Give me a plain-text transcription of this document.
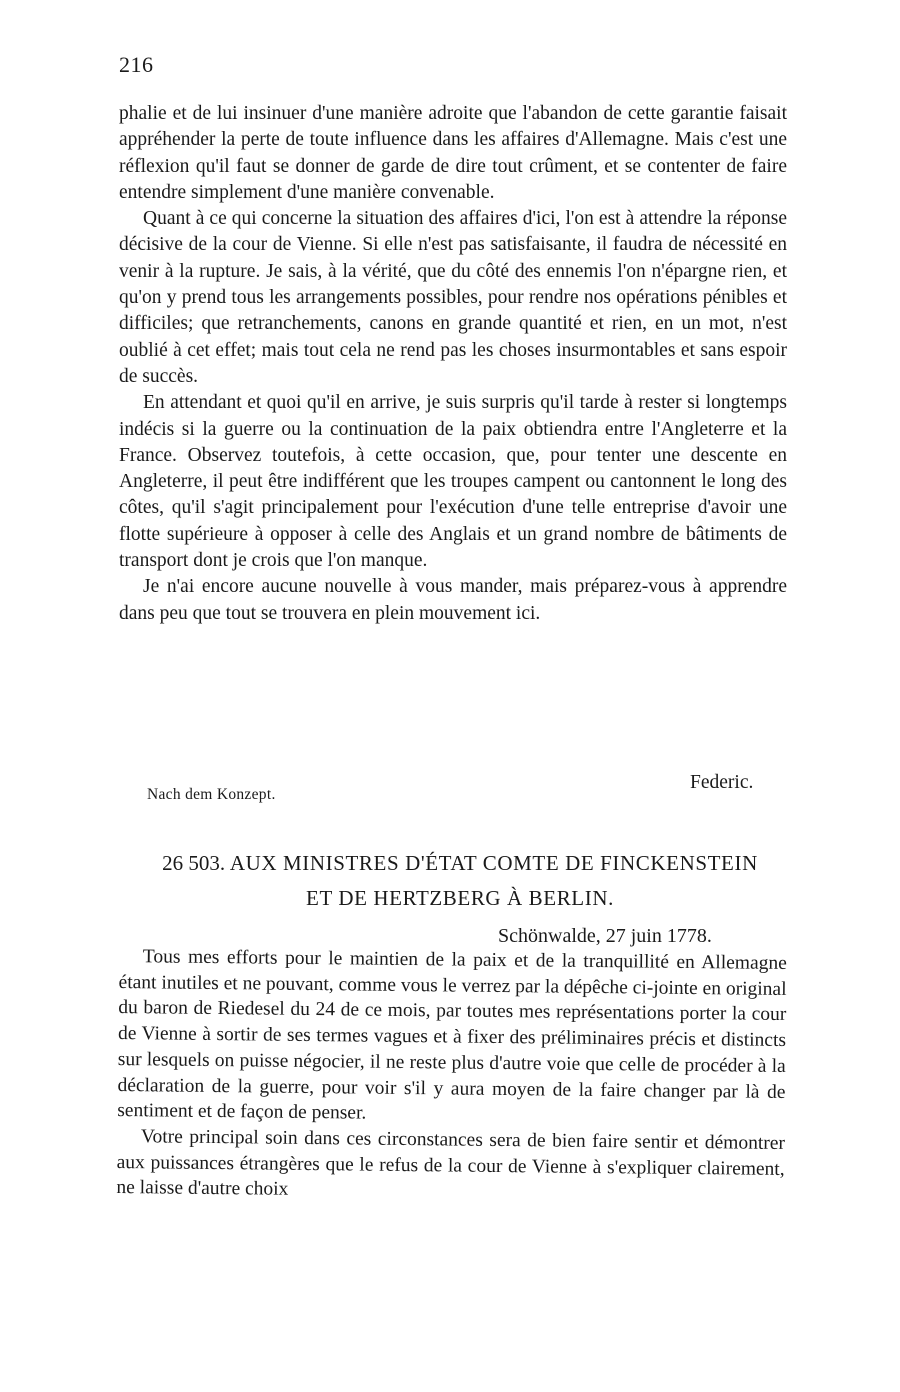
216

phalie et de lui insinuer d'une manière adroite que l'abandon de cette garantie faisait appréhender la perte de toute influence dans les affaires d'Allemagne. Mais c'est une réflexion qu'il faut se donner de garde de dire tout crûment, et se contenter de faire entendre simplement d'une manière convenable.

Quant à ce qui concerne la situation des affaires d'ici, l'on est à attendre la réponse décisive de la cour de Vienne. Si elle n'est pas satisfaisante, il faudra de nécessité en venir à la rupture. Je sais, à la vérité, que du côté des ennemis l'on n'épargne rien, et qu'on y prend tous les arrangements possibles, pour rendre nos opérations pénibles et difficiles; que retranchements, canons en grande quantité et rien, en un mot, n'est oublié à cet effet; mais tout cela ne rend pas les choses insurmontables et sans espoir de succès.

En attendant et quoi qu'il en arrive, je suis surpris qu'il tarde à rester si longtemps indécis si la guerre ou la continuation de la paix obtiendra entre l'Angleterre et la France. Observez toutefois, à cette occasion, que, pour tenter une descente en Angleterre, il peut être indifférent que les troupes campent ou cantonnent le long des côtes, qu'il s'agit principalement pour l'exécution d'une telle entreprise d'avoir une flotte supérieure à opposer à celle des Anglais et un grand nombre de bâtiments de transport dont je crois que l'on manque.

Je n'ai encore aucune nouvelle à vous mander, mais préparez-vous à apprendre dans peu que tout se trouvera en plein mouvement ici.

Federic.
Nach dem Konzept.
26 503. AUX MINISTRES D'ÉTAT COMTE DE FINCKENSTEIN
ET DE HERTZBERG À BERLIN.
Schönwalde, 27 juin 1778.

Tous mes efforts pour le maintien de la paix et de la tranquillité en Allemagne étant inutiles et ne pouvant, comme vous le verrez par la dépêche ci-jointe en original du baron de Riedesel du 24 de ce mois, par toutes mes représentations porter la cour de Vienne à sortir de ses termes vagues et à fixer des préliminaires précis et distincts sur lesquels on puisse négocier, il ne reste plus d'autre voie que celle de procéder à la déclaration de la guerre, pour voir s'il y aura moyen de la faire changer par là de sentiment et de façon de penser.

Votre principal soin dans ces circonstances sera de bien faire sentir et démontrer aux puissances étrangères que le refus de la cour de Vienne à s'expliquer clairement, ne laisse d'autre choix
